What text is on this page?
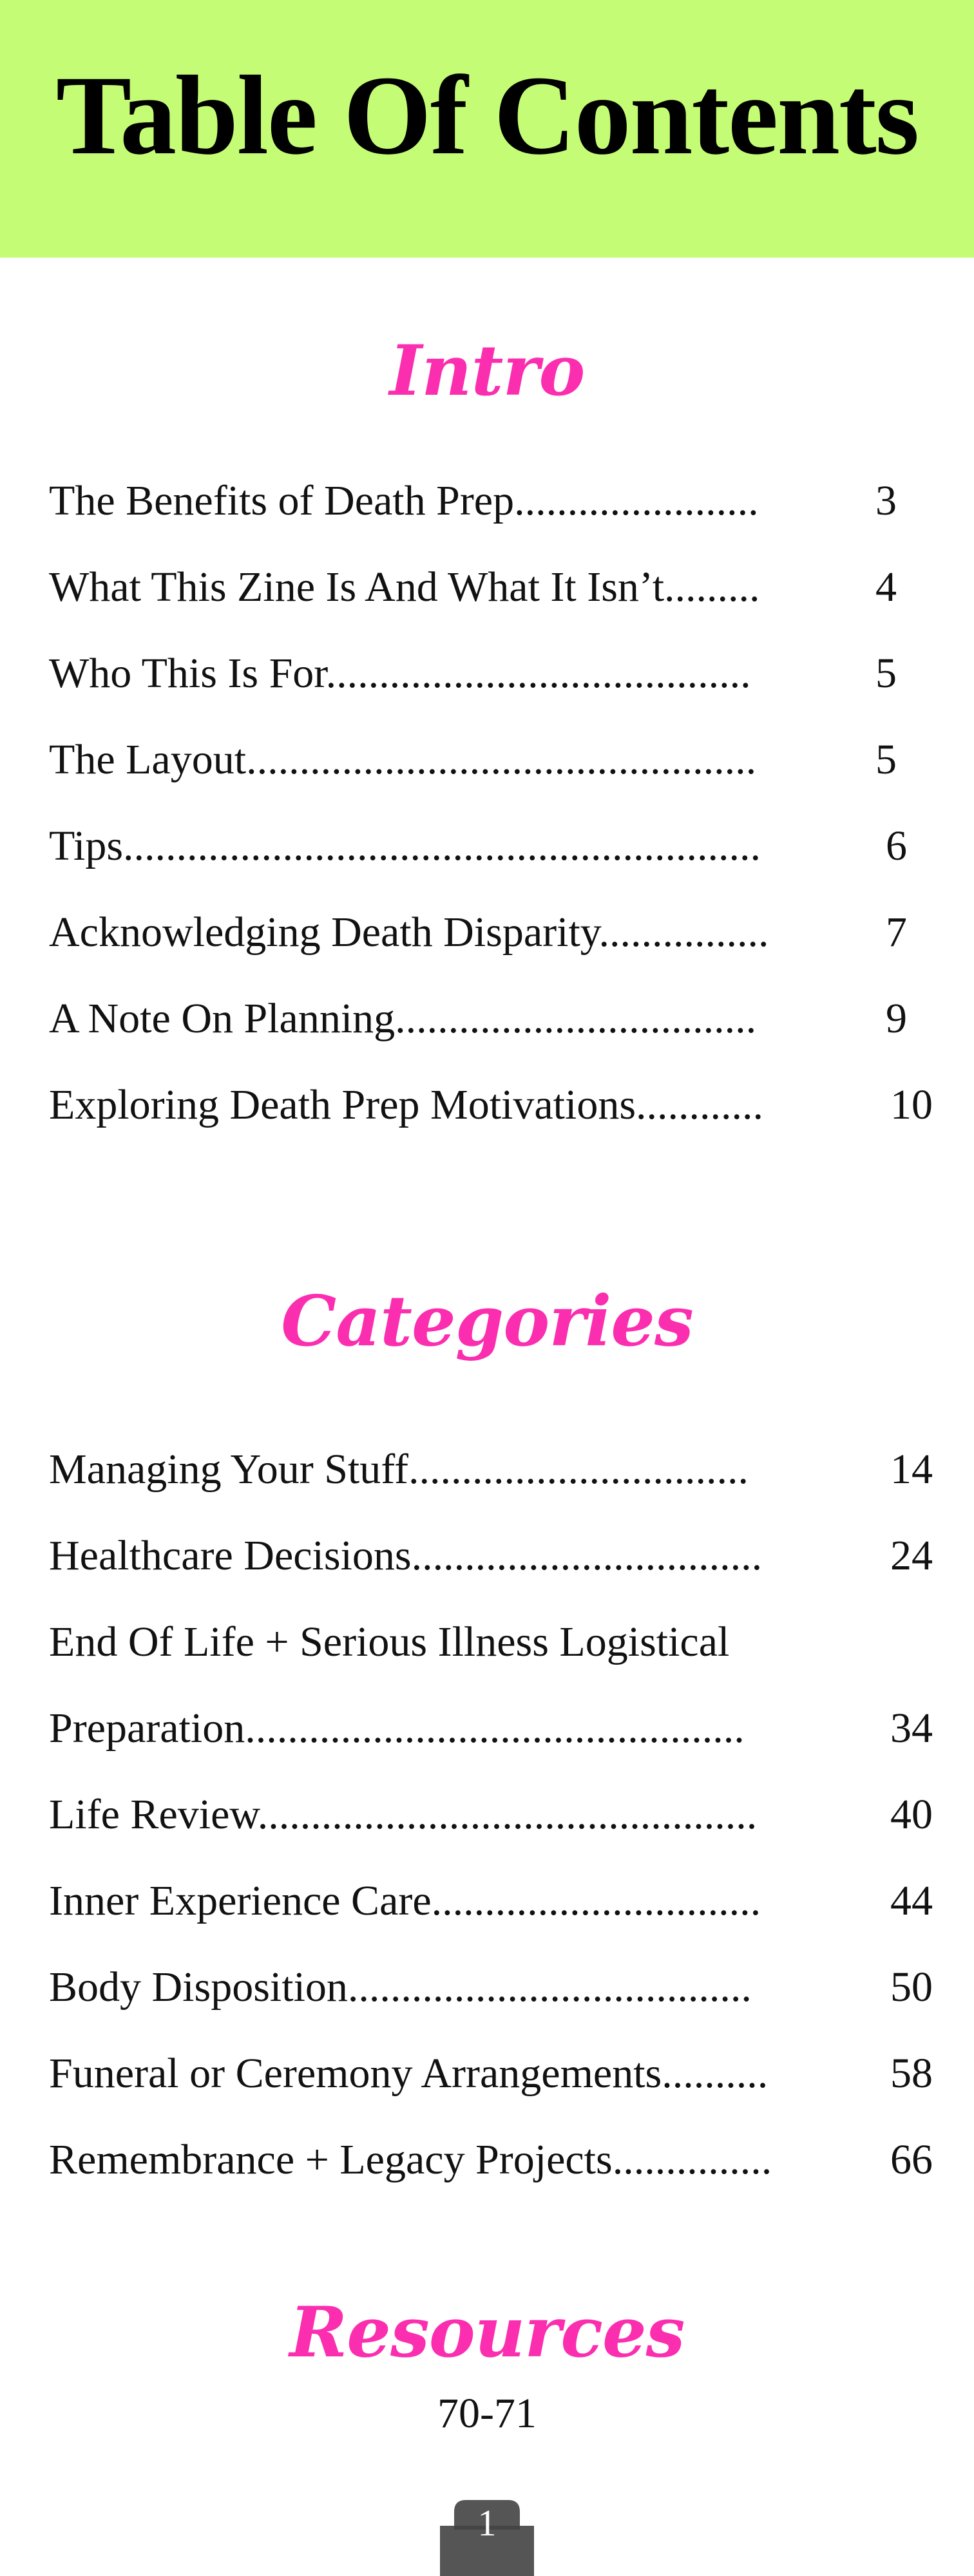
Table Of Contents
Intro
The Benefits of Death Prep.......................	3
What This Zine Is And What It Isn’t.........	4
Who This Is For........................................	5
The Layout................................................	5
Tips............................................................	6
Acknowledging Death Disparity................	7
A Note On Planning..................................	9
Exploring Death Prep Motivations............	10
Categories
Managing Your Stuff................................	14
Healthcare Decisions.................................	24
End Of Life + Serious Illness Logistical
Preparation...............................................	34
Life Review...............................................	40
Inner Experience Care...............................	44
Body Disposition......................................	50
Funeral or Ceremony Arrangements..........	58
Remembrance + Legacy Projects...............	66
Resources
70-71
1
